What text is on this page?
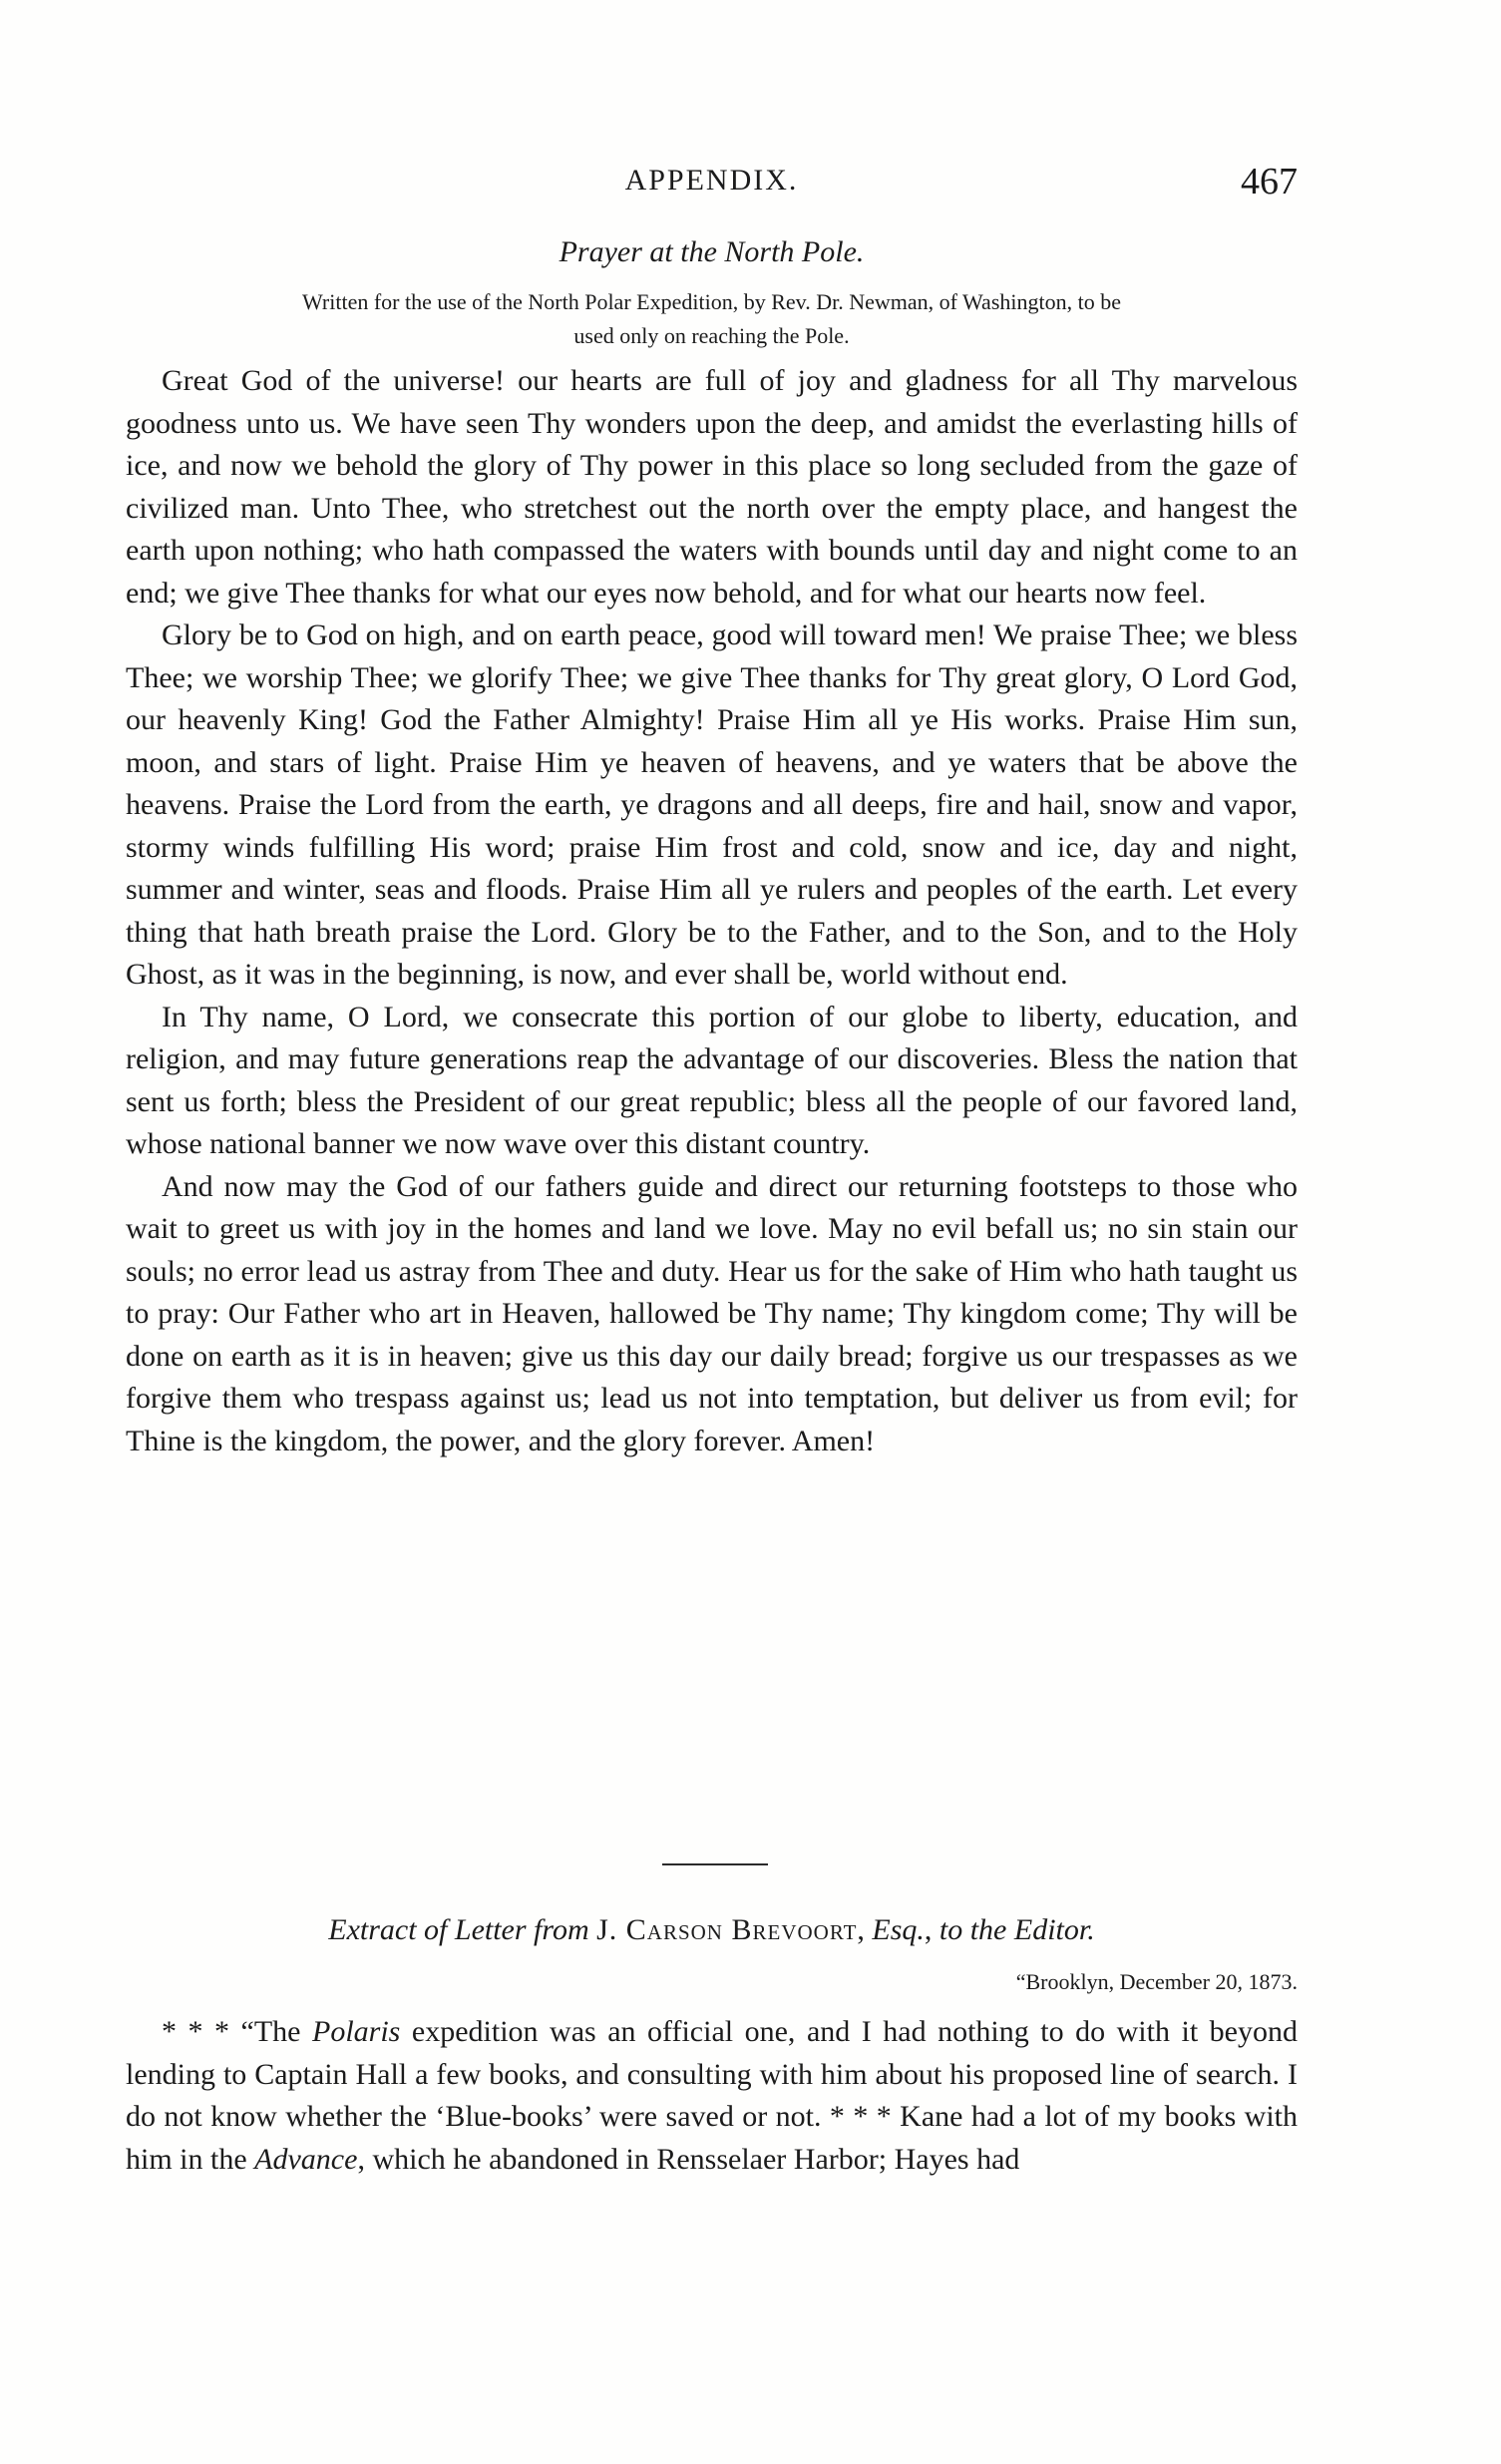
APPENDIX.	467
Prayer at the North Pole.
Written for the use of the North Polar Expedition, by Rev. Dr. Newman, of Washington, to be
used only on reaching the Pole.

Great God of the universe! our hearts are full of joy and gladness for all Thy marvelous goodness unto us. We have seen Thy wonders upon the deep, and amidst the everlasting hills of ice, and now we behold the glory of Thy power in this place so long secluded from the gaze of civilized man. Unto Thee, who stretchest out the north over the empty place, and hangest the earth upon nothing; who hath compassed the waters with bounds until day and night come to an end; we give Thee thanks for what our eyes now behold, and for what our hearts now feel.

Glory be to God on high, and on earth peace, good will toward men! We praise Thee; we bless Thee; we worship Thee; we glorify Thee; we give Thee thanks for Thy great glory, O Lord God, our heavenly King! God the Father Almighty! Praise Him all ye His works. Praise Him sun, moon, and stars of light. Praise Him ye heaven of heavens, and ye waters that be above the heavens. Praise the Lord from the earth, ye dragons and all deeps, fire and hail, snow and vapor, stormy winds fulfilling His word; praise Him frost and cold, snow and ice, day and night, summer and winter, seas and floods. Praise Him all ye rulers and peoples of the earth. Let every thing that hath breath praise the Lord. Glory be to the Father, and to the Son, and to the Holy Ghost, as it was in the beginning, is now, and ever shall be, world without end.

In Thy name, O Lord, we consecrate this portion of our globe to liberty, education, and religion, and may future generations reap the advantage of our discoveries. Bless the nation that sent us forth; bless the President of our great republic; bless all the people of our favored land, whose national banner we now wave over this distant country.

And now may the God of our fathers guide and direct our returning footsteps to those who wait to greet us with joy in the homes and land we love. May no evil befall us; no sin stain our souls; no error lead us astray from Thee and duty. Hear us for the sake of Him who hath taught us to pray: Our Father who art in Heaven, hallowed be Thy name; Thy kingdom come; Thy will be done on earth as it is in heaven; give us this day our daily bread; forgive us our trespasses as we forgive them who trespass against us; lead us not into temptation, but deliver us from evil; for Thine is the kingdom, the power, and the glory forever. Amen!

Extract of Letter from J. Carson Brevoort, Esq., to the Editor.
“Brooklyn, December 20, 1873.

* * * “The Polaris expedition was an official one, and I had nothing to do with it beyond lending to Captain Hall a few books, and consulting with him about his proposed line of search. I do not know whether the ‘Blue-books’ were saved or not. * * * Kane had a lot of my books with him in the Advance, which he abandoned in Rensselaer Harbor; Hayes had
